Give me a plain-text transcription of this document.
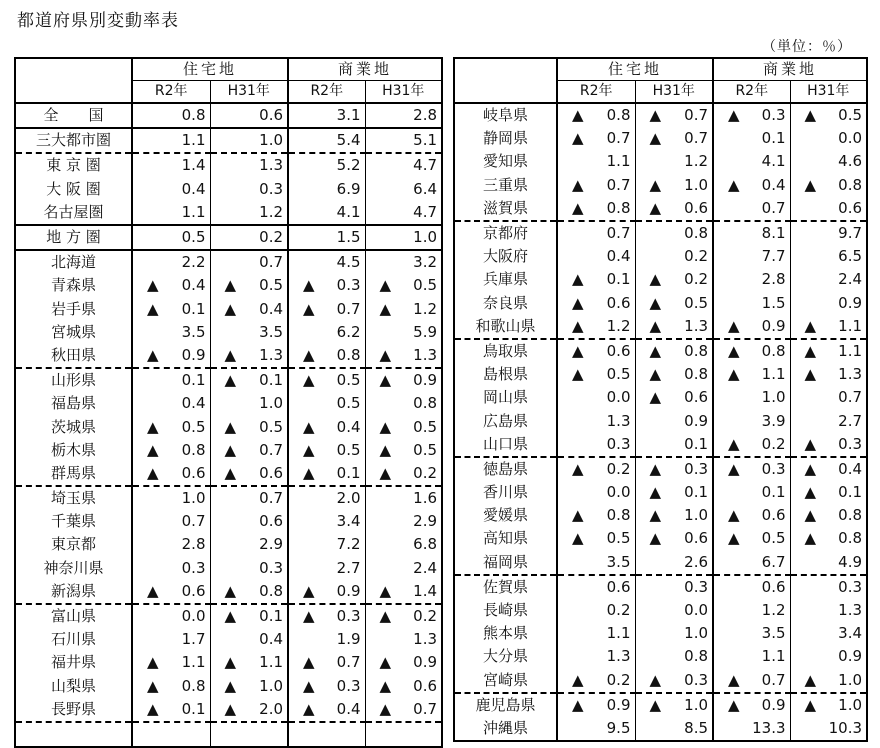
都道府県別変動率表
（単位：％）
	住宅地		商業地	
	R2年	H31年	R2年	H31年
全　　国	0.8	0.6	3.1	2.8
三大都市圏	1.1	1.0	5.4	5.1
東 京 圏	1.4	1.3	5.2	4.7
大 阪 圏	0.4	0.3	6.9	6.4
名古屋圏	1.1	1.2	4.1	4.7
地 方 圏	0.5	0.2	1.5	1.0
北海道	2.2	0.7	4.5	3.2
青森県	▲ 0.4	▲ 0.5	▲ 0.3	▲ 0.5
岩手県	▲ 0.1	▲ 0.4	▲ 0.7	▲ 1.2
宮城県	3.5	3.5	6.2	5.9
秋田県	▲ 0.9	▲ 1.3	▲ 0.8	▲ 1.3
山形県	0.1	▲ 0.1	▲ 0.5	▲ 0.9
福島県	0.4	1.0	0.5	0.8
茨城県	▲ 0.5	▲ 0.5	▲ 0.4	▲ 0.5
栃木県	▲ 0.8	▲ 0.7	▲ 0.5	▲ 0.5
群馬県	▲ 0.6	▲ 0.6	▲ 0.1	▲ 0.2
埼玉県	1.0	0.7	2.0	1.6
千葉県	0.7	0.6	3.4	2.9
東京都	2.8	2.9	7.2	6.8
神奈川県	0.3	0.3	2.7	2.4
新潟県	▲ 0.6	▲ 0.8	▲ 0.9	▲ 1.4
富山県	0.0	▲ 0.1	▲ 0.3	▲ 0.2
石川県	1.7	0.4	1.9	1.3
福井県	▲ 1.1	▲ 1.1	▲ 0.7	▲ 0.9
山梨県	▲ 0.8	▲ 1.0	▲ 0.3	▲ 0.6
長野県	▲ 0.1	▲ 2.0	▲ 0.4	▲ 0.7

	住宅地		商業地	
	R2年	H31年	R2年	H31年
岐阜県	▲ 0.8	▲ 0.7	▲ 0.3	▲ 0.5
静岡県	▲ 0.7	▲ 0.7	0.1	0.0
愛知県	1.1	1.2	4.1	4.6
三重県	▲ 0.7	▲ 1.0	▲ 0.4	▲ 0.8
滋賀県	▲ 0.8	▲ 0.6	0.7	0.6
京都府	0.7	0.8	8.1	9.7
大阪府	0.4	0.2	7.7	6.5
兵庫県	▲ 0.1	▲ 0.2	2.8	2.4
奈良県	▲ 0.6	▲ 0.5	1.5	0.9
和歌山県	▲ 1.2	▲ 1.3	▲ 0.9	▲ 1.1
鳥取県	▲ 0.6	▲ 0.8	▲ 0.8	▲ 1.1
島根県	▲ 0.5	▲ 0.8	▲ 1.1	▲ 1.3
岡山県	0.0	▲ 0.6	1.0	0.7
広島県	1.3	0.9	3.9	2.7
山口県	0.3	0.1	▲ 0.2	▲ 0.3
徳島県	▲ 0.2	▲ 0.3	▲ 0.3	▲ 0.4
香川県	0.0	▲ 0.1	0.1	▲ 0.1
愛媛県	▲ 0.8	▲ 1.0	▲ 0.6	▲ 0.8
高知県	▲ 0.5	▲ 0.6	▲ 0.5	▲ 0.8
福岡県	3.5	2.6	6.7	4.9
佐賀県	0.6	0.3	0.6	0.3
長崎県	0.2	0.0	1.2	1.3
熊本県	1.1	1.0	3.5	3.4
大分県	1.3	0.8	1.1	0.9
宮崎県	▲ 0.2	▲ 0.3	▲ 0.7	▲ 1.0
鹿児島県	▲ 0.9	▲ 1.0	▲ 0.9	▲ 1.0
沖縄県	9.5	8.5	13.3	10.3
